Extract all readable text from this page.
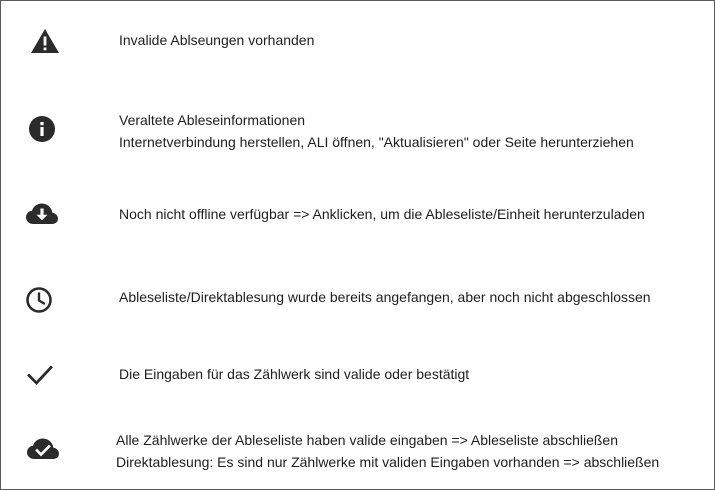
Invalide Ablseungen vorhanden
Veraltete Ableseinformationen
Internetverbindung herstellen, ALI öffnen, "Aktualisieren" oder Seite herunterziehen
Noch nicht offline verfügbar => Anklicken, um die Ableseliste/Einheit herunterzuladen
Ableseliste/Direktablesung wurde bereits angefangen, aber noch nicht abgeschlossen
Die Eingaben für das Zählwerk sind valide oder bestätigt
Alle Zählwerke der Ableseliste haben valide eingaben => Ableseliste abschließen
Direktablesung: Es sind nur Zählwerke mit validen Eingaben vorhanden => abschließen
